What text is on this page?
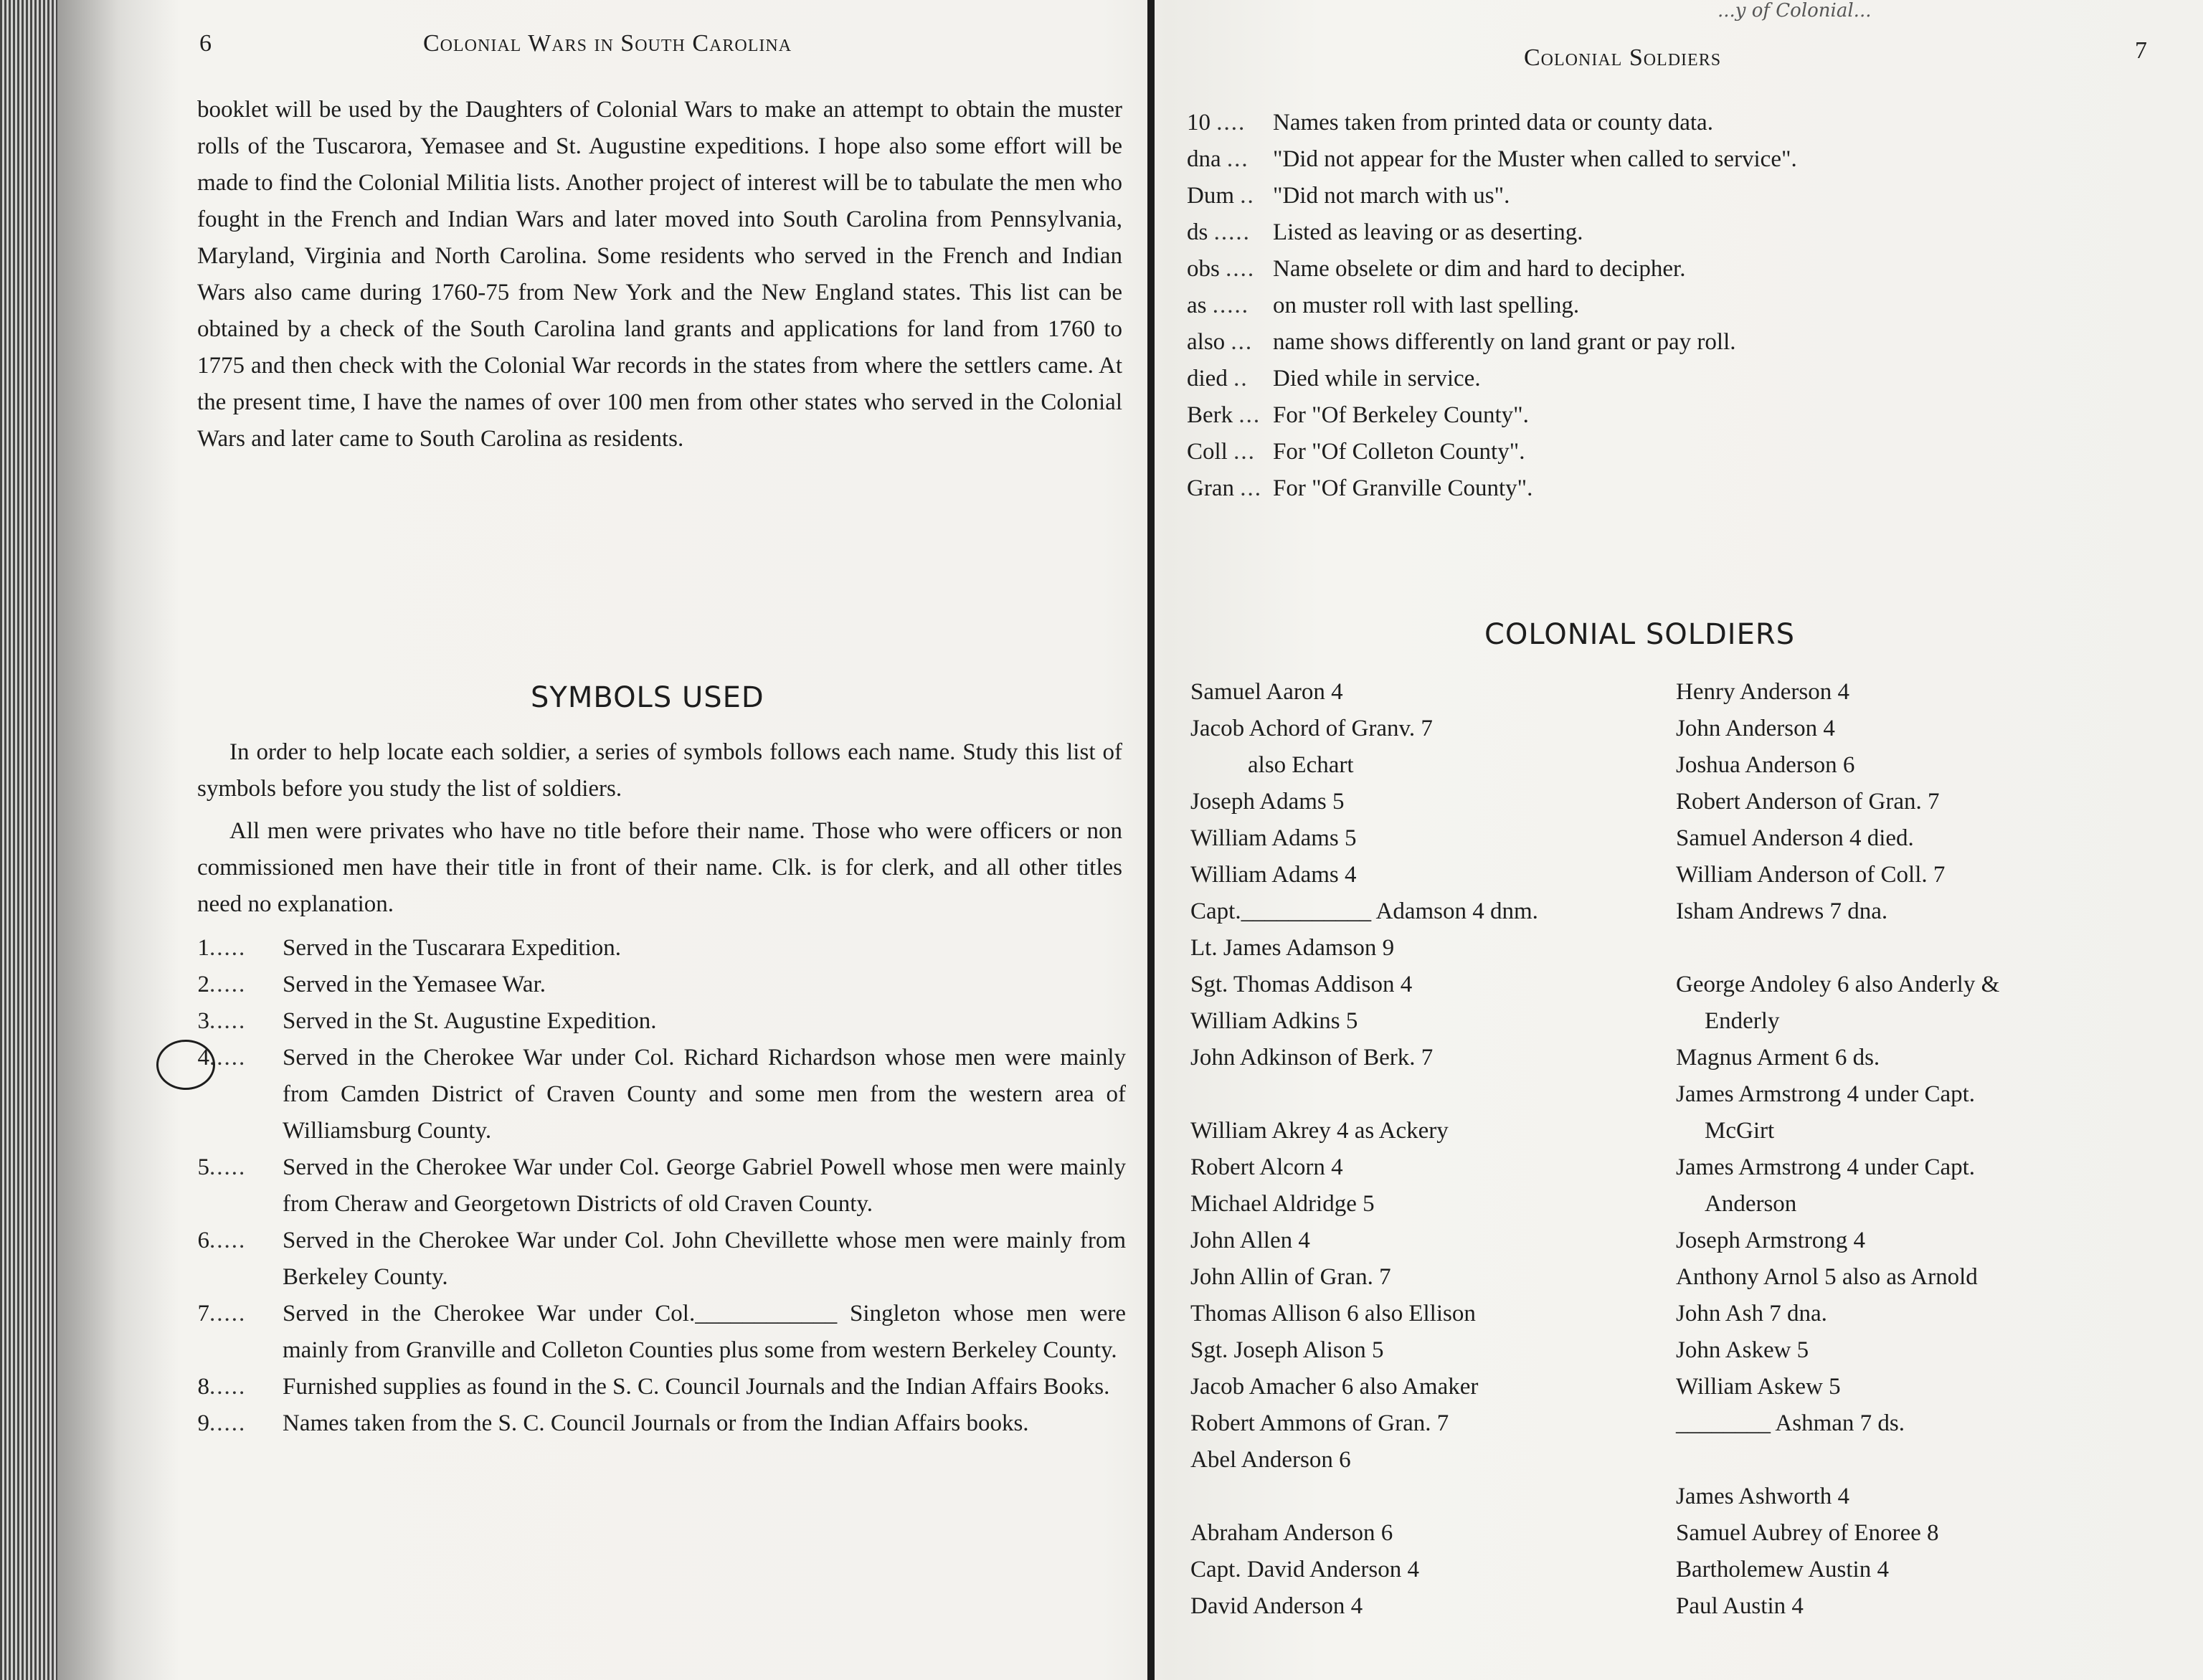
6	Colonial Wars in South Carolina

booklet will be used by the Daughters of Colonial Wars to make an attempt to obtain the muster rolls of the Tuscarora, Yemasee and St. Augustine expeditions. I hope also some effort will be made to find the Colonial Militia lists. Another project of interest will be to tabulate the men who fought in the French and Indian Wars and later moved into South Carolina from Pennsylvania, Maryland, Virginia and North Carolina. Some residents who served in the French and Indian Wars also came during 1760-75 from New York and the New England states. This list can be obtained by a check of the South Carolina land grants and applications for land from 1760 to 1775 and then check with the Colonial War records in the states from where the settlers came. At the present time, I have the names of over 100 men from other states who served in the Colonial Wars and later came to South Carolina as residents.

SYMBOLS USED

In order to help locate each soldier, a series of symbols follows each name. Study this list of symbols before you study the list of soldiers.

All men were privates who have no title before their name. Those who were officers or non commissioned men have their title in front of their name. Clk. is for clerk, and all other titles need no explanation.

1.....	Served in the Tuscarara Expedition.
2.....	Served in the Yemasee War.
3.....	Served in the St. Augustine Expedition.
4.....	Served in the Cherokee War under Col. Richard Richardson whose men were mainly from Camden District of Craven County and some men from the western area of Williamsburg County.
5.....	Served in the Cherokee War under Col. George Gabriel Powell whose men were mainly from Cheraw and Georgetown Districts of old Craven County.
6.....	Served in the Cherokee War under Col. John Chevillette whose men were mainly from Berkeley County.
7.....	Served in the Cherokee War under Col.____________ Singleton whose men were mainly from Granville and Colleton Counties plus some from western Berkeley County.
8.....	Furnished supplies as found in the S. C. Council Journals and the Indian Affairs Books.
9.....	Names taken from the S. C. Council Journals or from the Indian Affairs books.
...y of Colonial...
Colonial Soldiers	7
10 .... Names taken from printed data or county data.
dna ... "Did not appear for the Muster when called to service".
Dum .. "Did not march with us".
ds ..... Listed as leaving or as deserting.
obs .... Name obselete or dim and hard to decipher.
as ..... on muster roll with last spelling.
also ... name shows differently on land grant or pay roll.
died .. Died while in service.
Berk ... For "Of Berkeley County".
Coll ... For "Of Colleton County".
Gran ... For "Of Granville County".
COLONIAL SOLDIERS
Samuel Aaron 4
Jacob Achord of Granv. 7
also Echart
Joseph Adams 5
William Adams 5
William Adams 4
Capt.___________ Adamson 4 dnm.
Lt. James Adamson 9
Sgt. Thomas Addison 4
William Adkins 5
John Adkinson of Berk. 7
William Akrey 4 as Ackery
Robert Alcorn 4
Michael Aldridge 5
John Allen 4
John Allin of Gran. 7
Thomas Allison 6 also Ellison
Sgt. Joseph Alison 5
Jacob Amacher 6 also Amaker
Robert Ammons of Gran. 7
Abel Anderson 6
Abraham Anderson 6
Capt. David Anderson 4
David Anderson 4
Henry Anderson 4
John Anderson 4
Joshua Anderson 6
Robert Anderson of Gran. 7
Samuel Anderson 4 died.
William Anderson of Coll. 7
Isham Andrews 7 dna.
George Andoley 6 also Anderly &
Enderly
Magnus Arment 6 ds.
James Armstrong 4 under Capt.
McGirt
James Armstrong 4 under Capt.
Anderson
Joseph Armstrong 4
Anthony Arnol 5 also as Arnold
John Ash 7 dna.
John Askew 5
William Askew 5
________ Ashman 7 ds.
James Ashworth 4
Samuel Aubrey of Enoree 8
Bartholemew Austin 4
Paul Austin 4
